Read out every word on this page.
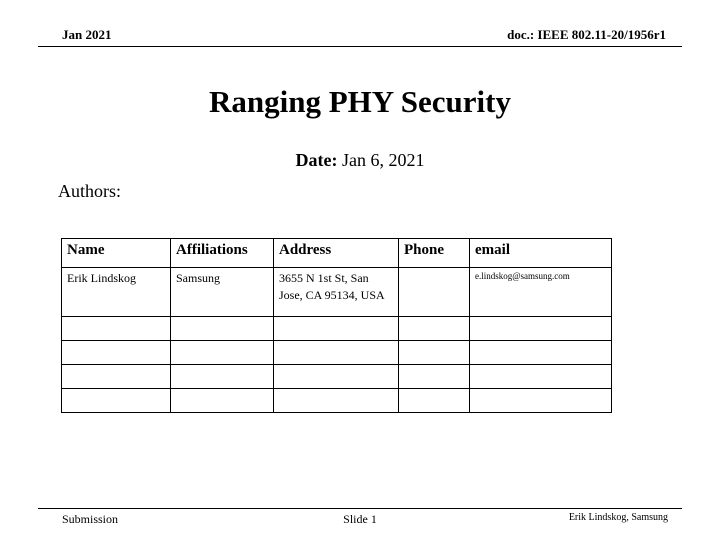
Jan 2021	doc.: IEEE 802.11-20/1956r1
Ranging PHY Security
Date: Jan 6, 2021
Authors:
Name	Affiliations	Address	Phone	email
Erik Lindskog	Samsung	3655 N 1st St, San Jose, CA 95134, USA		e.lindskog@samsung.com

Submission	Slide 1	Erik Lindskog, Samsung
